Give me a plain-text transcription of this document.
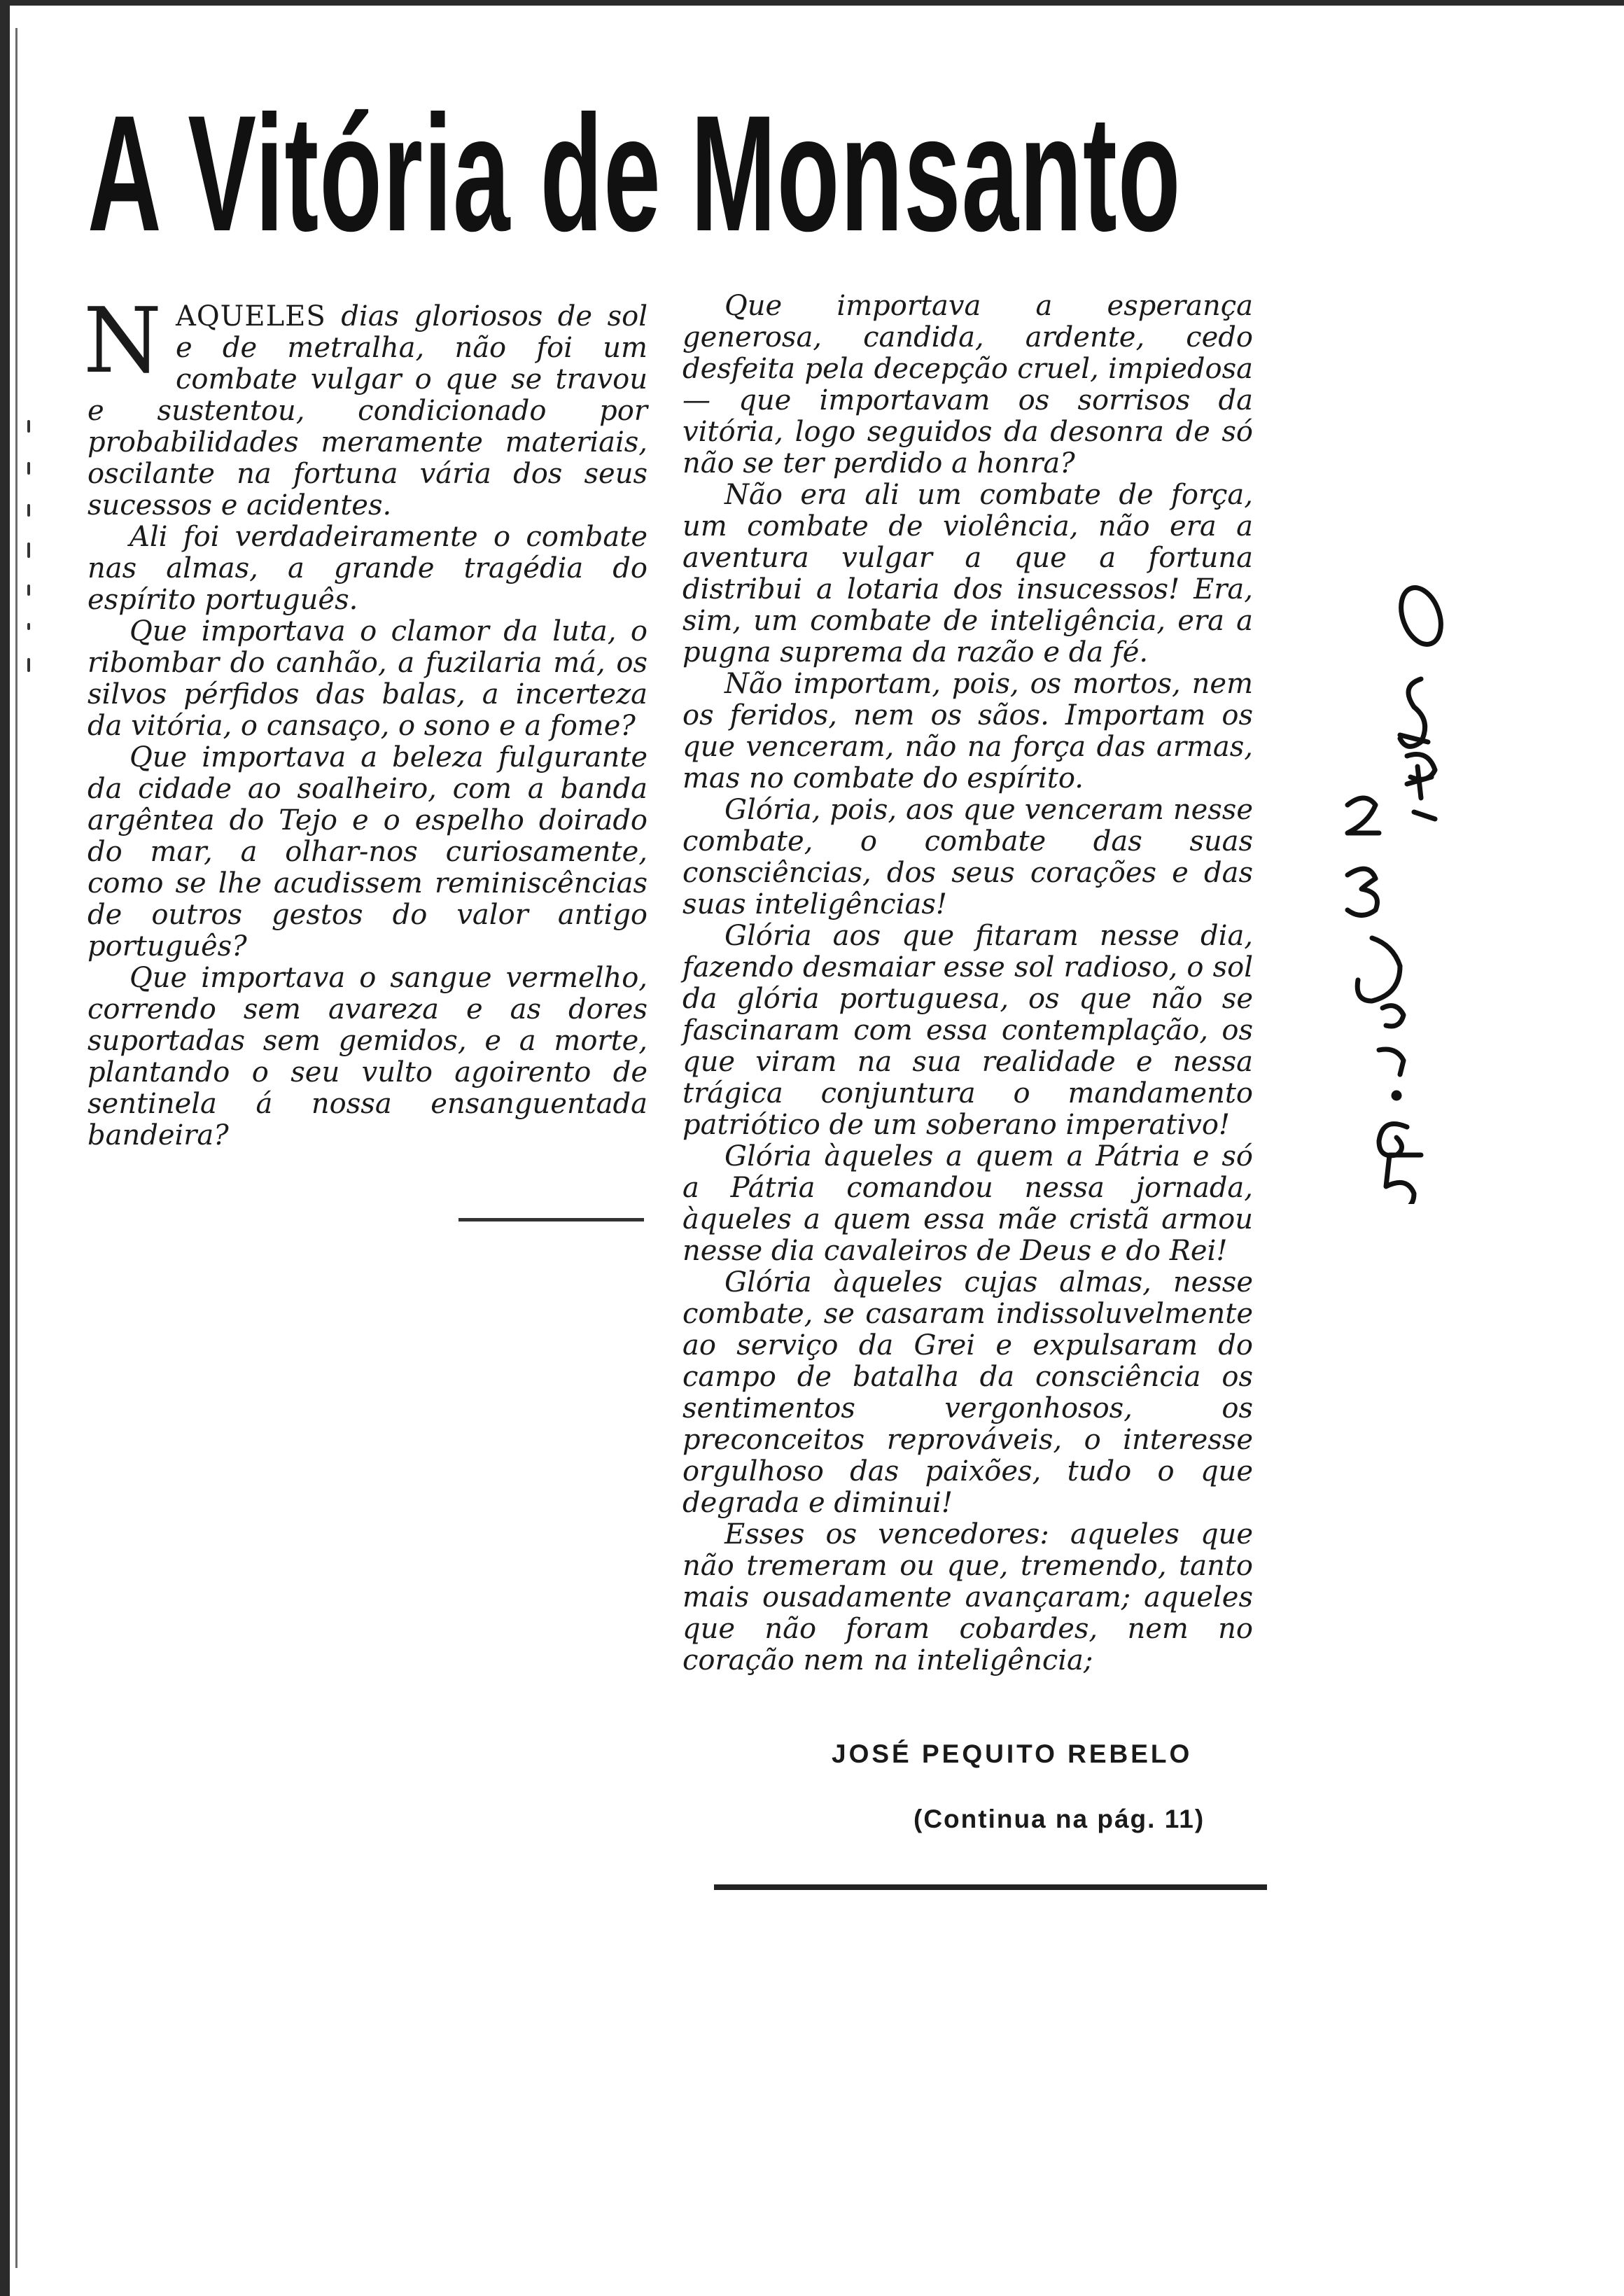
A Vitória de Monsanto

NAQUELES dias gloriosos de sol e de metralha, não foi um combate vulgar o que se travou e sustentou, condicionado por probabilidades meramente materiais, oscilante na fortuna vária dos seus sucessos e acidentes.

Ali foi verdadeiramente o combate nas almas, a grande tragédia do espírito português.

Que importava o clamor da luta, o ribombar do canhão, a fuzilaria má, os silvos pérfidos das balas, a incerteza da vitória, o cansaço, o sono e a fome?

Que importava a beleza fulgurante da cidade ao soalheiro, com a banda argêntea do Tejo e o espelho doirado do mar, a olhar-nos curiosamente, como se lhe acudissem reminiscências de outros gestos do valor antigo português?

Que importava o sangue vermelho, correndo sem avareza e as dores suportadas sem gemidos, e a morte, plantando o seu vulto agoirento de sentinela á nossa ensanguentada bandeira?

Que importava a esperança generosa, candida, ardente, cedo desfeita pela decepção cruel, impiedosa — que importavam os sorrisos da vitória, logo seguidos da desonra de só não se ter perdido a honra?

Não era ali um combate de força, um combate de violência, não era a aventura vulgar a que a fortuna distribui a lotaria dos insucessos! Era, sim, um combate de inteligência, era a pugna suprema da razão e da fé.

Não importam, pois, os mortos, nem os feridos, nem os sãos. Importam os que venceram, não na força das armas, mas no combate do espírito.

Glória, pois, aos que venceram nesse combate, o combate das suas consciências, dos seus corações e das suas inteligências!

Glória aos que fitaram nesse dia, fazendo desmaiar esse sol radioso, o sol da glória portuguesa, os que não se fascinaram com essa contemplação, os que viram na sua realidade e nessa trágica conjuntura o mandamento patriótico de um soberano imperativo!

Glória àqueles a quem a Pátria e só a Pátria comandou nessa jornada, àqueles a quem essa mãe cristã armou nesse dia cavaleiros de Deus e do Rei!

Glória àqueles cujas almas, nesse combate, se casaram indissoluvelmente ao serviço da Grei e expulsaram do campo de batalha da consciência os sentimentos vergonhosos, os preconceitos reprováveis, o interesse orgulhoso das paixões, tudo o que degrada e diminui!

Esses os vencedores: aqueles que não tremeram ou que, tremendo, tanto mais ousadamente avançaram; aqueles que não foram cobardes, nem no coração nem na inteligência;

JOSÉ PEQUITO REBELO
(Continua na pág. 11)
